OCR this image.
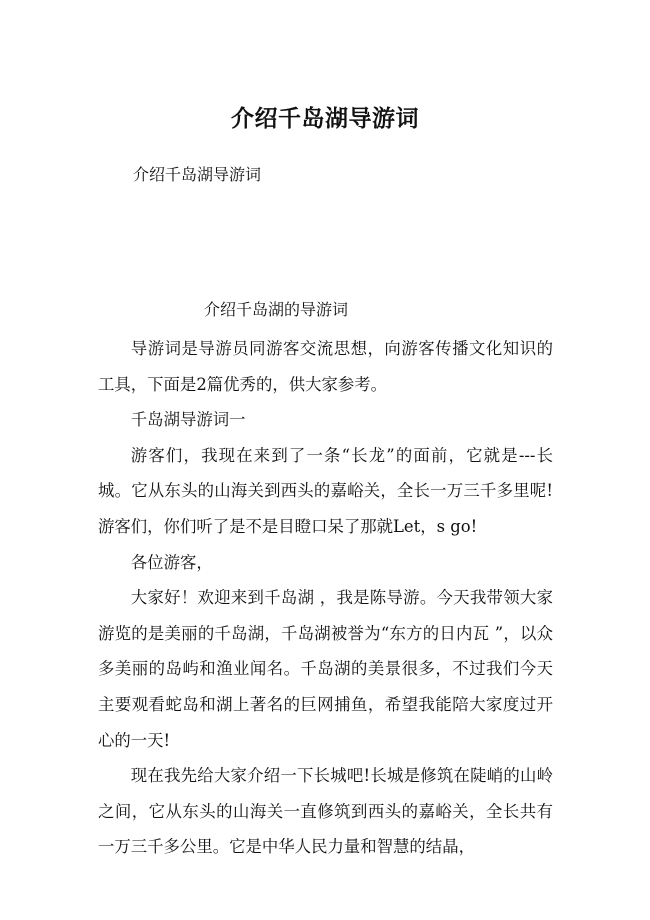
介绍千岛湖导游词

介绍千岛湖导游词

介绍千岛湖的导游词

导游词是导游员同游客交流思想，向游客传播文化知识的工具，下面是2篇优秀的，供大家参考。

千岛湖导游词一

游客们，我现在来到了一条“长龙”的面前，它就是---长城。它从东头的山海关到西头的嘉峪关，全长一万三千多里呢!游客们，你们听了是不是目瞪口呆了那就Let，s go!

各位游客，

大家好！欢迎来到千岛湖 ，我是陈导游。今天我带领大家游览的是美丽的千岛湖，千岛湖被誉为“东方的日内瓦 ”，以众多美丽的岛屿和渔业闻名。千岛湖的美景很多，不过我们今天主要观看蛇岛和湖上著名的巨网捕鱼，希望我能陪大家度过开心的一天!

现在我先给大家介绍一下长城吧!长城是修筑在陡峭的山岭之间，它从东头的山海关一直修筑到西头的嘉峪关，全长共有一万三千多公里。它是中华人民力量和智慧的结晶，
